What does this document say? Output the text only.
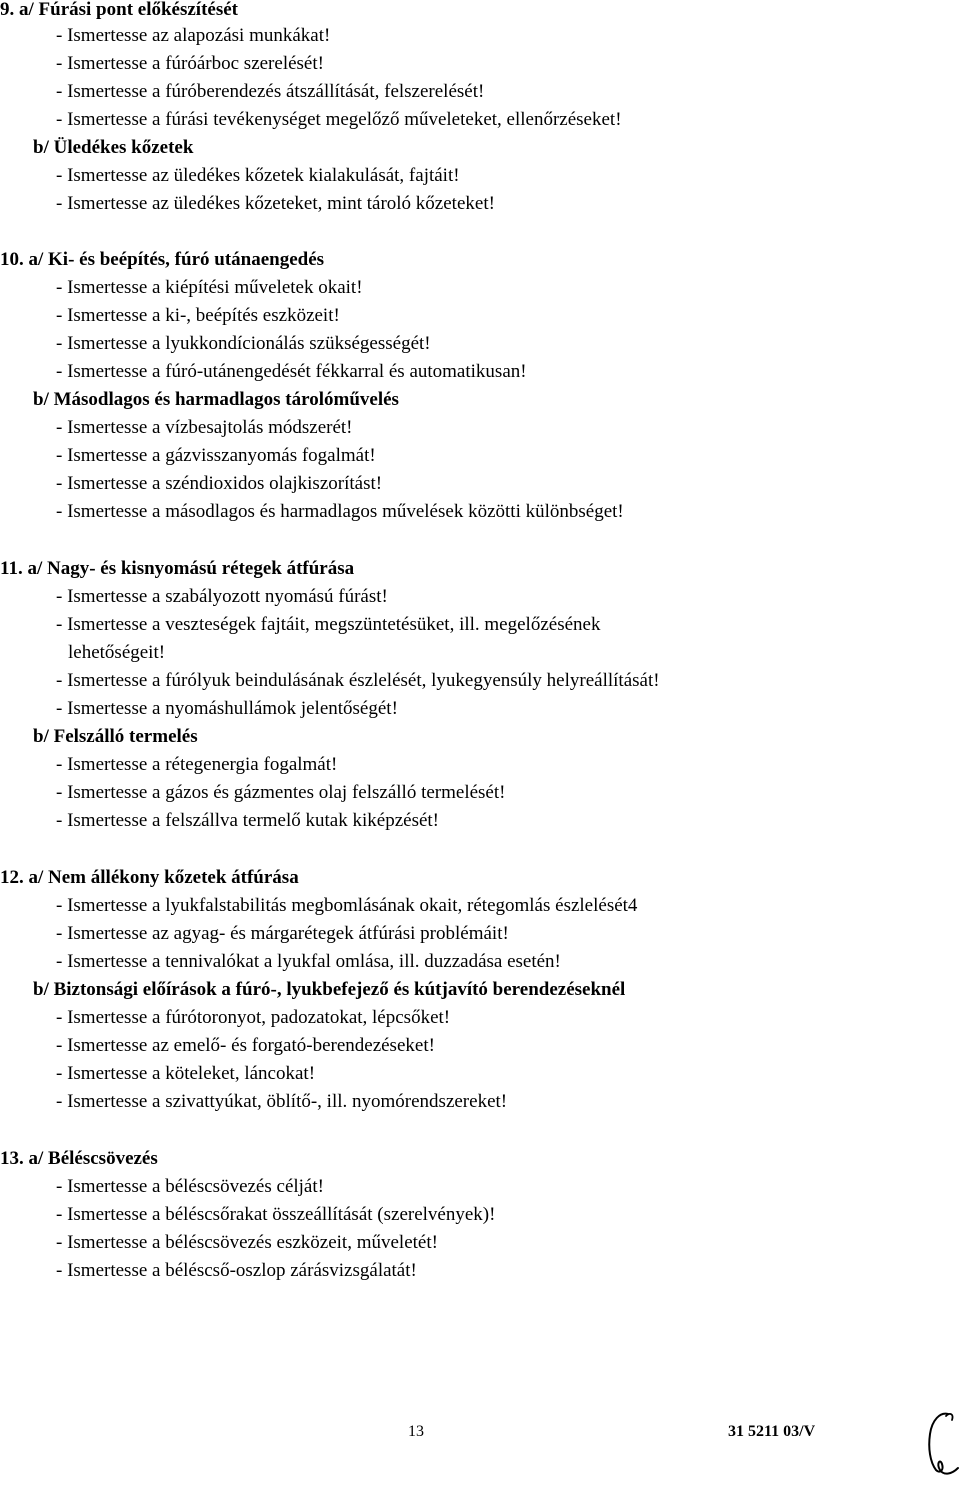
9. a/ Fúrási pont előkészítését
- Ismertesse az alapozási munkákat!
- Ismertesse a fúróárboc szerelését!
- Ismertesse a fúróberendezés átszállítását, felszerelését!
- Ismertesse a fúrási tevékenységet megelőző műveleteket, ellenőrzéseket!
b/ Üledékes kőzetek
- Ismertesse az üledékes kőzetek kialakulását, fajtáit!
- Ismertesse az üledékes kőzeteket, mint tároló kőzeteket!
10. a/ Ki- és beépítés, fúró utánaengedés
- Ismertesse a kiépítési műveletek okait!
- Ismertesse a ki-, beépítés eszközeit!
- Ismertesse a lyukkondícionálás szükségességét!
- Ismertesse a fúró-utánengedését fékkarral és automatikusan!
b/ Másodlagos és harmadlagos tárolóművelés
- Ismertesse a vízbesajtolás módszerét!
- Ismertesse a gázvisszanyomás fogalmát!
- Ismertesse a széndioxidos olajkiszorítást!
- Ismertesse a másodlagos és harmadlagos művelések közötti különbséget!
11. a/ Nagy- és kisnyomású rétegek átfúrása
- Ismertesse a szabályozott nyomású fúrást!
- Ismertesse a veszteségek fajtáit, megszüntetésüket, ill. megelőzésének
lehetőségeit!
- Ismertesse a fúrólyuk beindulásának észlelését, lyukegyensúly helyreállítását!
- Ismertesse a nyomáshullámok jelentőségét!
b/ Felszálló termelés
- Ismertesse a rétegenergia fogalmát!
- Ismertesse a gázos és gázmentes olaj felszálló termelését!
- Ismertesse a felszállva termelő kutak kiképzését!
12. a/ Nem állékony kőzetek átfúrása
- Ismertesse a lyukfalstabilitás megbomlásának okait, rétegomlás észlelését4
- Ismertesse az agyag- és márgarétegek átfúrási problémáit!
- Ismertesse a tennivalókat a lyukfal omlása, ill. duzzadása esetén!
b/ Biztonsági előírások a fúró-, lyukbefejező és kútjavító berendezéseknél
- Ismertesse a fúrótoronyot, padozatokat, lépcsőket!
- Ismertesse az emelő- és forgató-berendezéseket!
- Ismertesse a köteleket, láncokat!
- Ismertesse a szivattyúkat, öblítő-, ill. nyomórendszereket!
13. a/ Béléscsövezés
- Ismertesse a béléscsövezés célját!
- Ismertesse a béléscsőrakat összeállítását (szerelvények)!
- Ismertesse a béléscsövezés eszközeit, műveletét!
- Ismertesse a béléscső-oszlop zárásvizsgálatát!
13	31 5211 03/V
